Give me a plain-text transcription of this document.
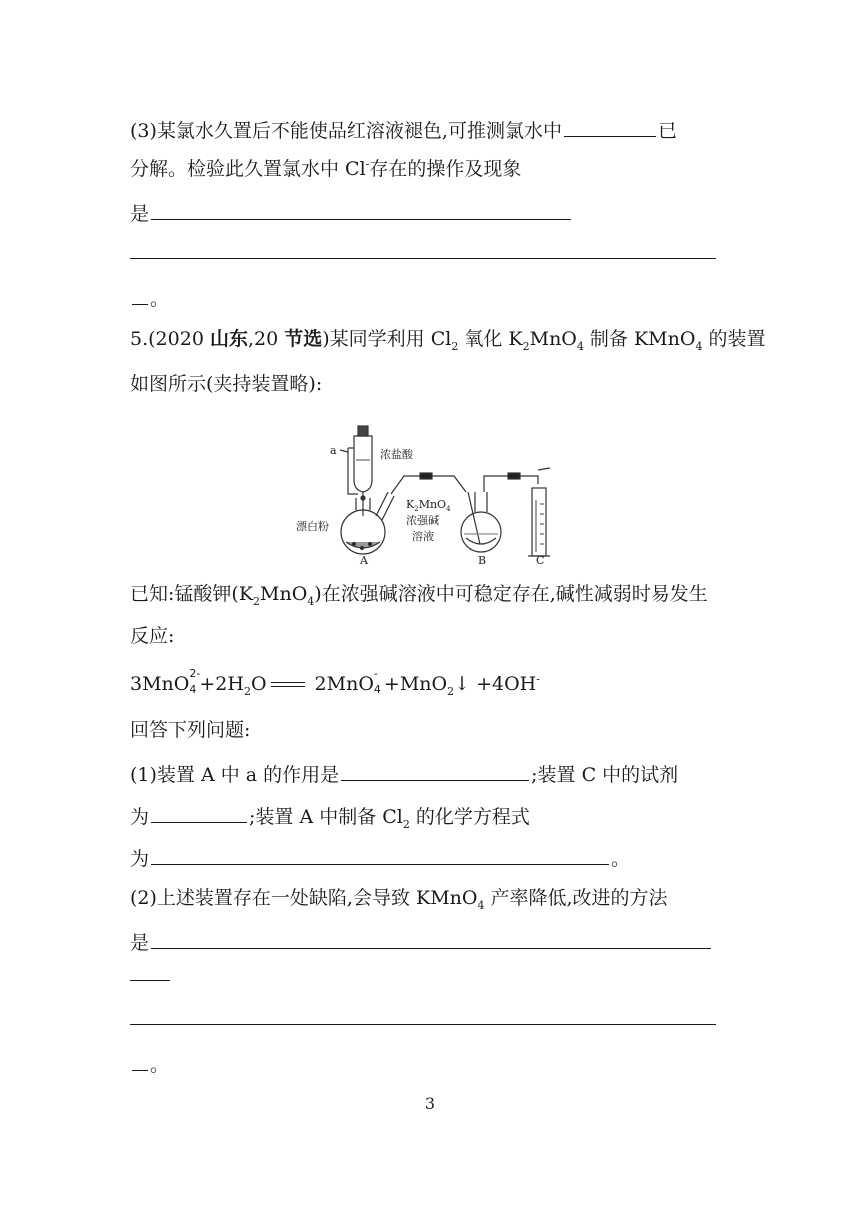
(3)某氯水久置后不能使品红溶液褪色,可推测氯水中	已
分解。检验此久置氯水中 Cl-存在的操作及现象
是
。
5.(2020 山东,20 节选)某同学利用 $Cl_2$ 氧化 $K_2MnO_4$ 制备 KMnO$_4$ 的装置
如图所示(夹持装置略):
a	浓盐酸
漂白粉
$K_2MnO_4$
浓强碱
溶液
A	B	C
已知:锰酸钾$(K_2MnO_4)$在浓强碱溶液中可稳定存在,碱性减弱时易发生
反应:
3MnO 2-
$4 +2H_2O$ 2MnO -
4 +MnO$_2$↓ +4OH-
回答下列问题:
(1)装置 A 中 a 的作用是	;装置 C 中的试剂
为	;装置 A 中制备 $Cl_2$ 的化学方程式
为	。
(2)上述装置存在一处缺陷,会导致 KMnO$_4$ 产率降低,改进的方法
是
。
3
